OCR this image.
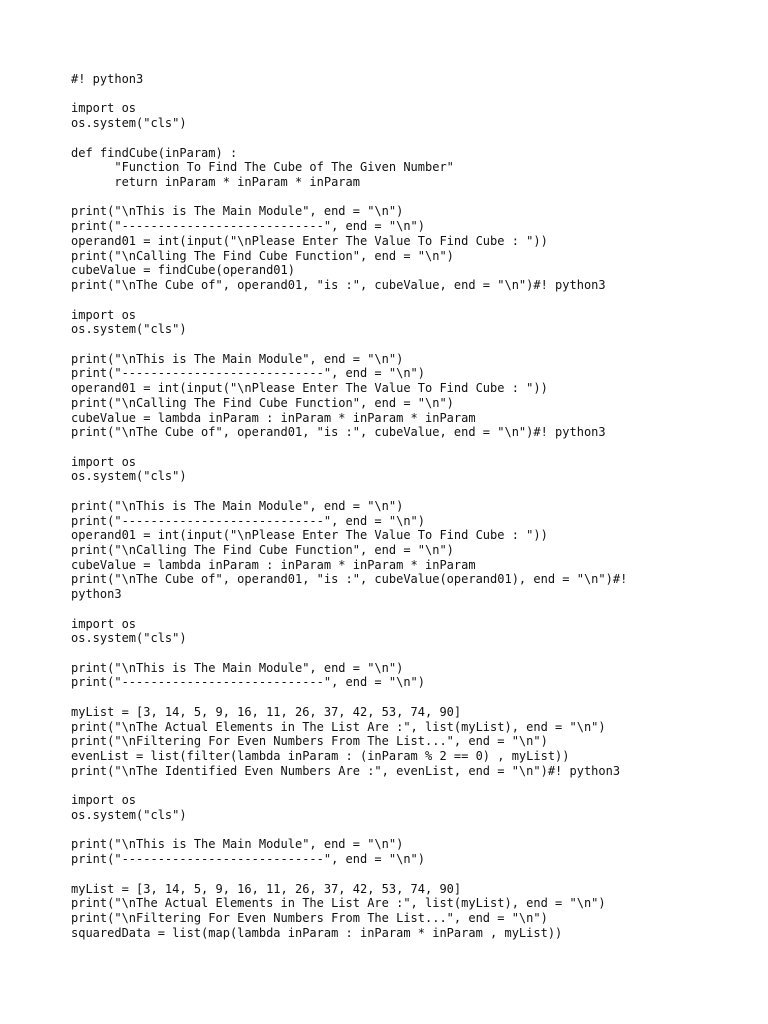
#! python3
import os
os.system("cls")
def findCube(inParam) :
"Function To Find The Cube of The Given Number"
return inParam * inParam * inParam
print("\nThis is The Main Module", end = "\n")
print("----------------------------", end = "\n")
operand01 = int(input("\nPlease Enter The Value To Find Cube : "))
print("\nCalling The Find Cube Function", end = "\n")
cubeValue = findCube(operand01)
print("\nThe Cube of", operand01, "is :", cubeValue, end = "\n")#! python3
import os
os.system("cls")
print("\nThis is The Main Module", end = "\n")
print("----------------------------", end = "\n")
operand01 = int(input("\nPlease Enter The Value To Find Cube : "))
print("\nCalling The Find Cube Function", end = "\n")
cubeValue = lambda inParam : inParam * inParam * inParam
print("\nThe Cube of", operand01, "is :", cubeValue, end = "\n")#! python3
import os
os.system("cls")
print("\nThis is The Main Module", end = "\n")
print("----------------------------", end = "\n")
operand01 = int(input("\nPlease Enter The Value To Find Cube : "))
print("\nCalling The Find Cube Function", end = "\n")
cubeValue = lambda inParam : inParam * inParam * inParam
print("\nThe Cube of", operand01, "is :", cubeValue(operand01), end = "\n")#!
python3
import os
os.system("cls")
print("\nThis is The Main Module", end = "\n")
print("----------------------------", end = "\n")
myList = [3, 14, 5, 9, 16, 11, 26, 37, 42, 53, 74, 90]
print("\nThe Actual Elements in The List Are :", list(myList), end = "\n")
print("\nFiltering For Even Numbers From The List...", end = "\n")
evenList = list(filter(lambda inParam : (inParam % 2 == 0) , myList))
print("\nThe Identified Even Numbers Are :", evenList, end = "\n")#! python3
import os
os.system("cls")
print("\nThis is The Main Module", end = "\n")
print("----------------------------", end = "\n")
myList = [3, 14, 5, 9, 16, 11, 26, 37, 42, 53, 74, 90]
print("\nThe Actual Elements in The List Are :", list(myList), end = "\n")
print("\nFiltering For Even Numbers From The List...", end = "\n")
squaredData = list(map(lambda inParam : inParam * inParam , myList))
